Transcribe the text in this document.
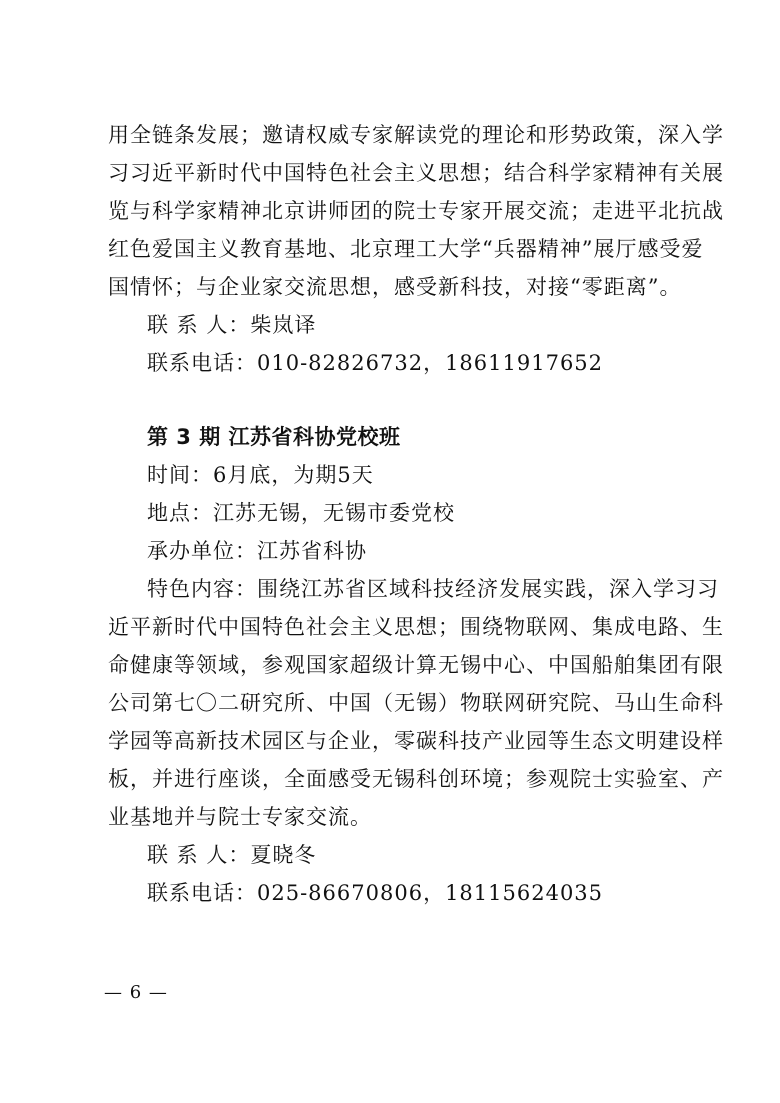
用全链条发展；邀请权威专家解读党的理论和形势政策，深入学
习习近平新时代中国特色社会主义思想；结合科学家精神有关展
览与科学家精神北京讲师团的院士专家开展交流；走进平北抗战
红色爱国主义教育基地、北京理工大学“兵器精神”展厅感受爱
国情怀；与企业家交流思想，感受新科技，对接“零距离”。
联 系 人：柴岚译
联系电话：010-82826732，18611917652
第 3 期 江苏省科协党校班
时间：6月底，为期5天
地点：江苏无锡，无锡市委党校
承办单位：江苏省科协
特色内容：围绕江苏省区域科技经济发展实践，深入学习习
近平新时代中国特色社会主义思想；围绕物联网、集成电路、生
命健康等领域，参观国家超级计算无锡中心、中国船舶集团有限
公司第七〇二研究所、中国（无锡）物联网研究院、马山生命科
学园等高新技术园区与企业，零碳科技产业园等生态文明建设样
板，并进行座谈，全面感受无锡科创环境；参观院士实验室、产
业基地并与院士专家交流。
联 系 人：夏晓冬
联系电话：025-86670806，18115624035
— 6 —
